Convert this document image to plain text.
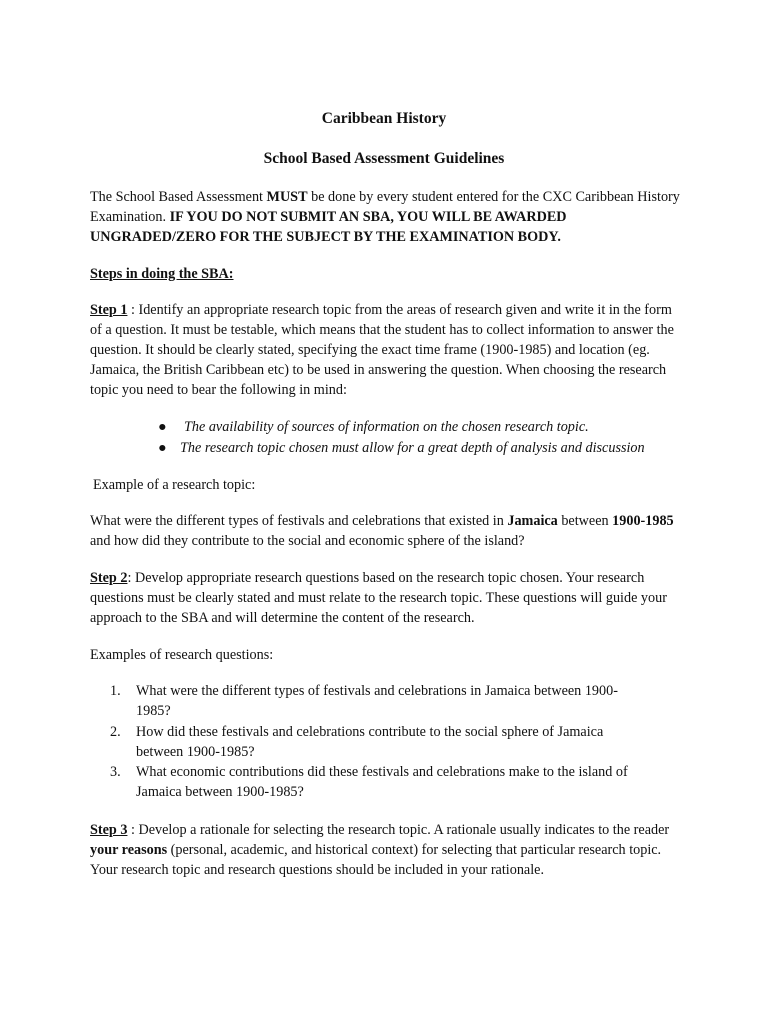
Caribbean History
School Based Assessment Guidelines

The School Based Assessment MUST be done by every student entered for the CXC Caribbean History Examination. IF YOU DO NOT SUBMIT AN SBA, YOU WILL BE AWARDED UNGRADED/ZERO FOR THE SUBJECT BY THE EXAMINATION BODY.

Steps in doing the SBA:

Step 1 : Identify an appropriate research topic from the areas of research given and write it in the form of a question. It must be testable, which means that the student has to collect information to answer the question. It should be clearly stated, specifying the exact time frame (1900-1985) and location (eg. Jamaica, the British Caribbean etc) to be used in answering the question. When choosing the research topic you need to bear the following in mind:

● The availability of sources of information on the chosen research topic.
● The research topic chosen must allow for a great depth of analysis and discussion

Example of a research topic:

What were the different types of festivals and celebrations that existed in Jamaica between 1900-1985 and how did they contribute to the social and economic sphere of the island?

Step 2: Develop appropriate research questions based on the research topic chosen. Your research questions must be clearly stated and must relate to the research topic. These questions will guide your approach to the SBA and will determine the content of the research.

Examples of research questions:

1. What were the different types of festivals and celebrations in Jamaica between 1900-1985?
2. How did these festivals and celebrations contribute to the social sphere of Jamaica between 1900-1985?
3. What economic contributions did these festivals and celebrations make to the island of Jamaica between 1900-1985?

Step 3 : Develop a rationale for selecting the research topic. A rationale usually indicates to the reader your reasons (personal, academic, and historical context) for selecting that particular research topic. Your research topic and research questions should be included in your rationale.
